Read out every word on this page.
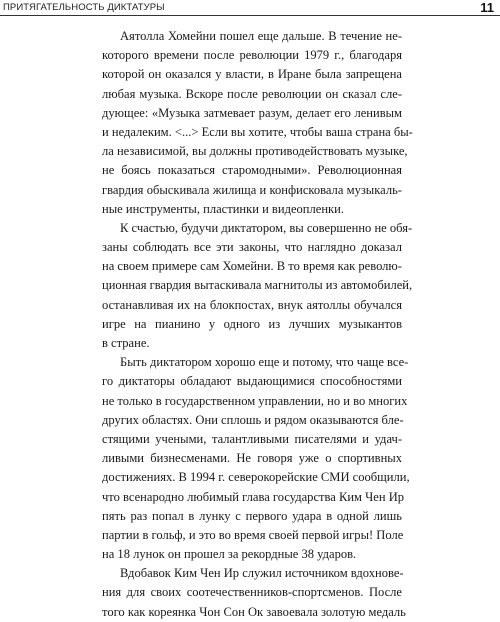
ПРИТЯГАТЕЛЬНОСТЬ ДИКТАТУРЫ	11
Аятолла Хомейни пошел еще дальше. В течение не-
которого времени после революции 1979 г., благодаря
которой он оказался у власти, в Иране была запрещена
любая музыка. Вскоре после революции он сказал сле-
дующее: «Музыка затмевает разум, делает его ленивым
и недалеким. <...> Если вы хотите, чтобы ваша страна бы-
ла независимой, вы должны противодействовать музыке,
не боясь показаться старомодными». Революционная
гвардия обыскивала жилища и конфисковала музыкаль-
ные инструменты, пластинки и видеопленки.
К счастью, будучи диктатором, вы совершенно не обя-
заны соблюдать все эти законы, что наглядно доказал
на своем примере сам Хомейни. В то время как револю-
ционная гвардия вытаскивала магнитолы из автомобилей,
останавливая их на блокпостах, внук аятоллы обучался
игре на пианино у одного из лучших музыкантов
в стране.
Быть диктатором хорошо еще и потому, что чаще все-
го диктаторы обладают выдающимися способностями
не только в государственном управлении, но и во многих
других областях. Они сплошь и рядом оказываются бле-
стящими учеными, талантливыми писателями и удач-
ливыми бизнесменами. Не говоря уже о спортивных
достижениях. В 1994 г. северокорейские СМИ сообщили,
что всенародно любимый глава государства Ким Чен Ир
пять раз попал в лунку с первого удара в одной лишь
партии в гольф, и это во время своей первой игры! Поле
на 18 лунок он прошел за рекордные 38 ударов.
Вдобавок Ким Чен Ир служил источником вдохнове-
ния для своих соотечественников-спортсменов. После
того как кореянка Чон Сон Ок завоевала золотую медаль
